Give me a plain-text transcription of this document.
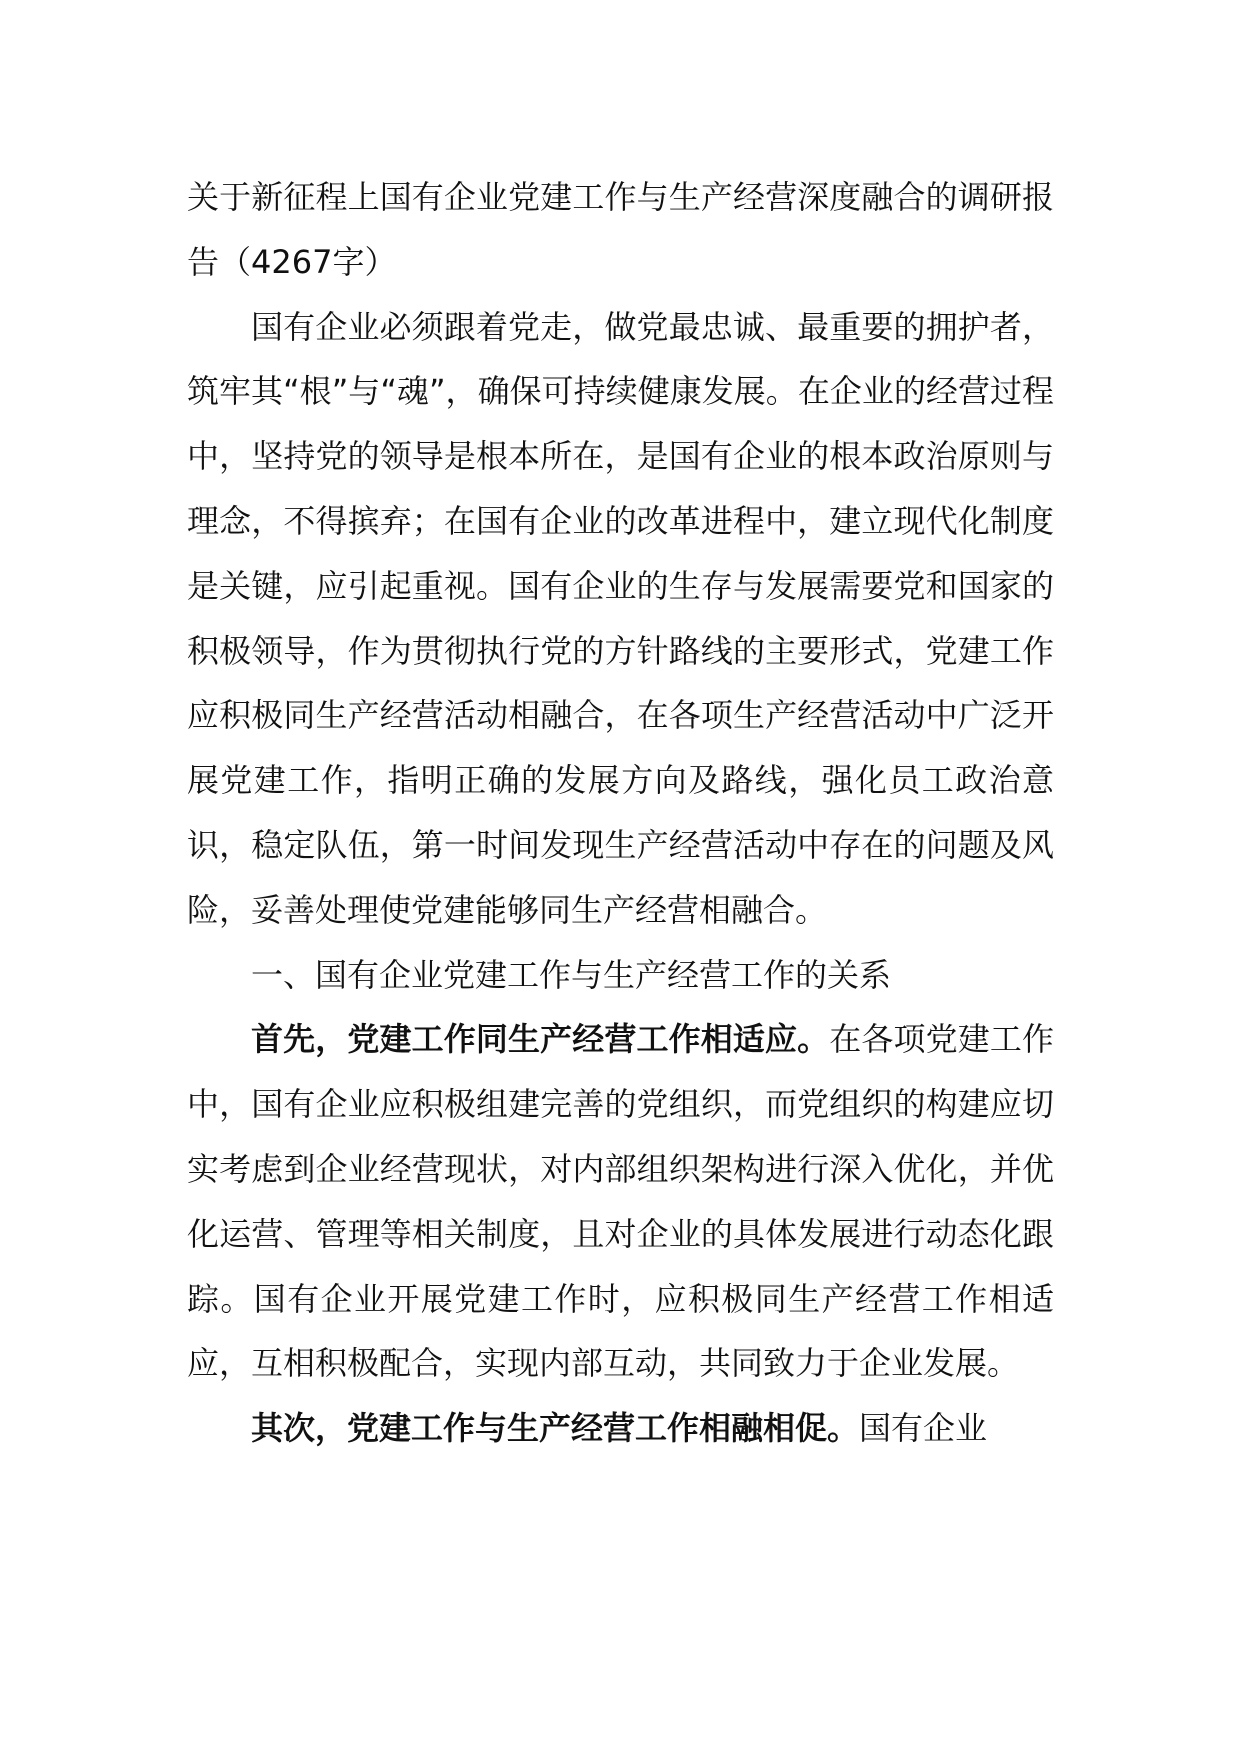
关于新征程上国有企业党建工作与生产经营深度融合的调研报告（4267字）

国有企业必须跟着党走，做党最忠诚、最重要的拥护者，筑牢其“根”与“魂”，确保可持续健康发展。在企业的经营过程中，坚持党的领导是根本所在，是国有企业的根本政治原则与理念，不得摈弃；在国有企业的改革进程中，建立现代化制度是关键，应引起重视。国有企业的生存与发展需要党和国家的积极领导，作为贯彻执行党的方针路线的主要形式，党建工作应积极同生产经营活动相融合，在各项生产经营活动中广泛开展党建工作，指明正确的发展方向及路线，强化员工政治意识，稳定队伍，第一时间发现生产经营活动中存在的问题及风险，妥善处理使党建能够同生产经营相融合。

一、国有企业党建工作与生产经营工作的关系

首先，党建工作同生产经营工作相适应。在各项党建工作中，国有企业应积极组建完善的党组织，而党组织的构建应切实考虑到企业经营现状，对内部组织架构进行深入优化，并优化运营、管理等相关制度，且对企业的具体发展进行动态化跟踪。国有企业开展党建工作时，应积极同生产经营工作相适应，互相积极配合，实现内部互动，共同致力于企业发展。

其次，党建工作与生产经营工作相融相促。国有企业
